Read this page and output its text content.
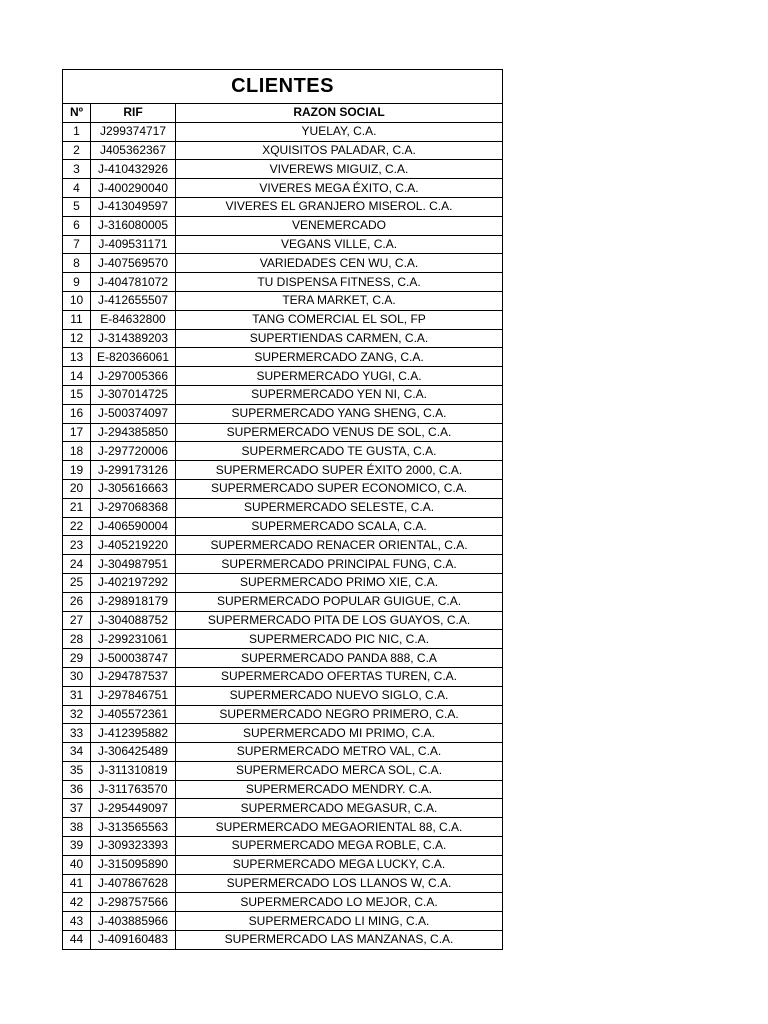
CLIENTES		
Nº	RIF	RAZON SOCIAL
1	J299374717	YUELAY, C.A.
2	J405362367	XQUISITOS PALADAR, C.A.
3	J-410432926	VIVEREWS MIGUIZ, C.A.
4	J-400290040	VIVERES MEGA ÉXITO, C.A.
5	J-413049597	VIVERES EL GRANJERO MISEROL. C.A.
6	J-316080005	VENEMERCADO
7	J-409531171	VEGANS VILLE, C.A.
8	J-407569570	VARIEDADES CEN WU, C.A.
9	J-404781072	TU DISPENSA FITNESS, C.A.
10	J-412655507	TERA MARKET, C.A.
11	E-84632800	TANG COMERCIAL EL SOL, FP
12	J-314389203	SUPERTIENDAS CARMEN, C.A.
13	E-820366061	SUPERMERCADO ZANG, C.A.
14	J-297005366	SUPERMERCADO YUGI, C.A.
15	J-307014725	SUPERMERCADO YEN NI, C.A.
16	J-500374097	SUPERMERCADO YANG SHENG, C.A.
17	J-294385850	SUPERMERCADO VENUS DE SOL, C.A.
18	J-297720006	SUPERMERCADO TE GUSTA, C.A.
19	J-299173126	SUPERMERCADO SUPER ÉXITO 2000, C.A.
20	J-305616663	SUPERMERCADO SUPER ECONOMICO, C.A.
21	J-297068368	SUPERMERCADO SELESTE, C.A.
22	J-406590004	SUPERMERCADO SCALA, C.A.
23	J-405219220	SUPERMERCADO RENACER ORIENTAL, C.A.
24	J-304987951	SUPERMERCADO PRINCIPAL FUNG, C.A.
25	J-402197292	SUPERMERCADO PRIMO XIE, C.A.
26	J-298918179	SUPERMERCADO POPULAR GUIGUE, C.A.
27	J-304088752	SUPERMERCADO PITA DE LOS GUAYOS, C.A.
28	J-299231061	SUPERMERCADO PIC NIC, C.A.
29	J-500038747	SUPERMERCADO PANDA 888, C.A
30	J-294787537	SUPERMERCADO OFERTAS TUREN, C.A.
31	J-297846751	SUPERMERCADO NUEVO SIGLO, C.A.
32	J-405572361	SUPERMERCADO NEGRO PRIMERO, C.A.
33	J-412395882	SUPERMERCADO MI PRIMO, C.A.
34	J-306425489	SUPERMERCADO METRO VAL, C.A.
35	J-311310819	SUPERMERCADO MERCA SOL, C.A.
36	J-311763570	SUPERMERCADO MENDRY. C.A.
37	J-295449097	SUPERMERCADO MEGASUR, C.A.
38	J-313565563	SUPERMERCADO MEGAORIENTAL 88, C.A.
39	J-309323393	SUPERMERCADO MEGA ROBLE, C.A.
40	J-315095890	SUPERMERCADO MEGA LUCKY, C.A.
41	J-407867628	SUPERMERCADO LOS LLANOS W, C.A.
42	J-298757566	SUPERMERCADO LO MEJOR, C.A.
43	J-403885966	SUPERMERCADO LI MING, C.A.
44	J-409160483	SUPERMERCADO LAS MANZANAS, C.A.
